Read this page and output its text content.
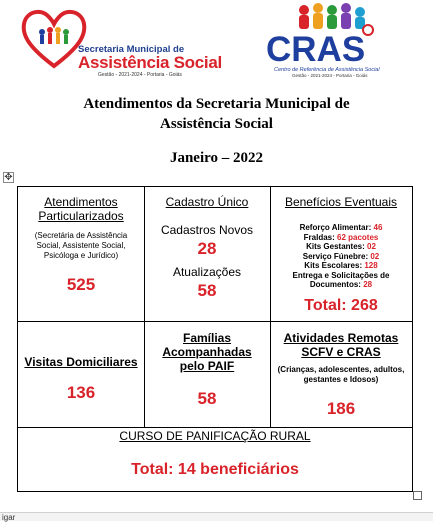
Secretaria Municipal de
Assistência Social
Gestão - 2021-2024 - Portaria - Goiás
CRAS
Centro de Referência de Assistência Social
Gestão - 2021-2024 - Portaria - Goiás
Atendimentos da Secretaria Municipal de
Assistência Social
Janeiro – 2022
✥
Atendimentos Particularizados
(Secretária de Assistência Social, Assistente Social, Psicóloga e Jurídico)
525
Cadastro Único
Cadastros Novos
28
Atualizações
58
Benefícios Eventuais
Reforço Alimentar: 46
Fraldas: 62 pacotes
Kits Gestantes: 02
Serviço Fúnebre: 02
Kits Escolares: 128
Entrega e Solicitações de Documentos: 28
Total: 268
Visitas Domiciliares
136
Famílias Acompanhadas pelo PAIF
58
Atividades Remotas SCFV e CRAS
(Crianças, adolescentes, adultos, gestantes e Idosos)
186
CURSO DE PANIFICAÇÃO RURAL
Total: 14 beneficiários
igar
